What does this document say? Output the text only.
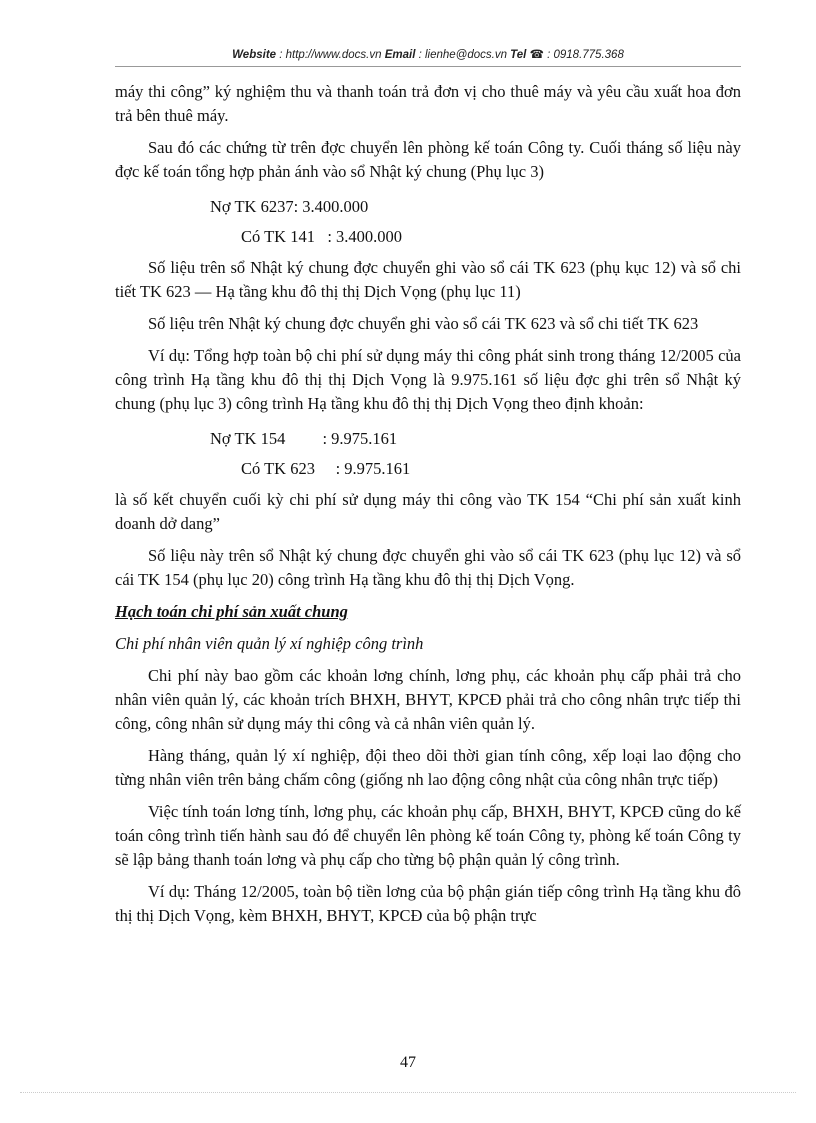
Website : http://www.docs.vn Email : lienhe@docs.vn Tel ☎ : 0918.775.368

máy thi công” ký nghiệm thu và thanh toán trả đơn vị cho thuê máy và yêu cầu xuất hoa đơn trả bên thuê máy.

Sau đó các chứng từ trên đợc chuyển lên phòng kế toán Công ty. Cuối tháng số liệu này đợc kế toán tổng hợp phản ánh vào sổ Nhật ký chung (Phụ lục 3)

Nợ TK 6237: 3.400.000
Có TK 141   : 3.400.000

Số liệu trên sổ Nhật ký chung đợc chuyển ghi vào sổ cái TK 623 (phụ kục 12) và sổ chi tiết TK 623 — Hạ tầng khu đô thị thị Dịch Vọng (phụ lục 11)

Số liệu trên Nhật ký chung đợc chuyển ghi vào sổ cái TK 623 và sổ chi tiết TK 623

Ví dụ: Tổng hợp toàn bộ chi phí sử dụng máy thi công phát sinh trong tháng 12/2005 của công trình Hạ tầng khu đô thị thị Dịch Vọng là 9.975.161 số liệu đợc ghi trên sổ Nhật ký chung (phụ lục 3) công trình Hạ tầng khu đô thị thị Dịch Vọng theo định khoản:

Nợ TK 154         : 9.975.161
Có TK 623     : 9.975.161

là số kết chuyển cuối kỳ chi phí sử dụng máy thi công vào TK 154 “Chi phí sản xuất kinh doanh dở dang”

Số liệu này trên sổ Nhật ký chung đợc chuyển ghi vào sổ cái TK 623 (phụ lục 12) và sổ cái TK 154 (phụ lục 20) công trình Hạ tầng khu đô thị thị Dịch Vọng.

Hạch toán chi phí sản xuất chung

Chi phí nhân viên quản lý xí nghiệp công trình

Chi phí này bao gồm các khoản lơng chính, lơng phụ, các khoản phụ cấp phải trả cho nhân viên quản lý, các khoản trích BHXH, BHYT, KPCĐ phải trả cho công nhân trực tiếp thi công, công nhân sử dụng máy thi công và cả nhân viên quản lý.

Hàng tháng, quản lý xí nghiệp, đội theo dõi thời gian tính công, xếp loại lao động cho từng nhân viên trên bảng chấm công (giống nh lao động công nhật của công nhân trực tiếp)

Việc tính toán lơng tính, lơng phụ, các khoản phụ cấp, BHXH, BHYT, KPCĐ cũng do kế toán công trình tiến hành sau đó để chuyển lên phòng kế toán Công ty, phòng kế toán Công ty sẽ lập bảng thanh toán lơng và phụ cấp cho từng bộ phận quản lý công trình.

Ví dụ: Tháng 12/2005, toàn bộ tiền lơng của bộ phận gián tiếp công trình Hạ tầng khu đô thị thị Dịch Vọng, kèm BHXH, BHYT, KPCĐ của bộ phận trực

47
